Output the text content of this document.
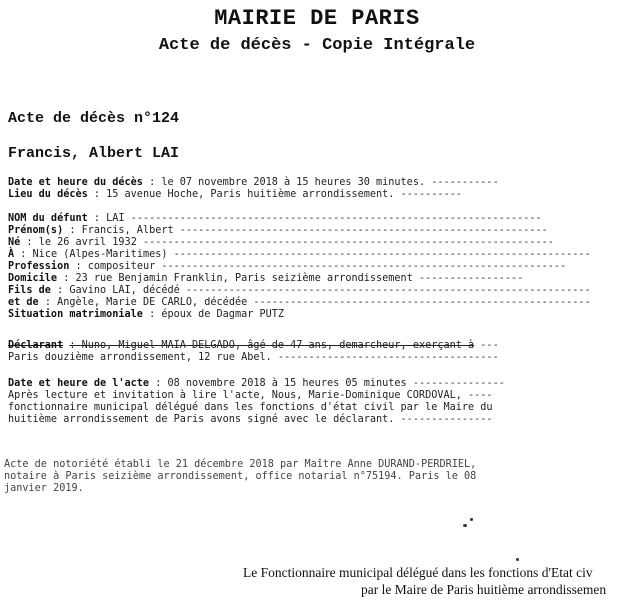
MAIRIE DE PARIS
Acte de décès - Copie Intégrale
Acte de décès n°124
Francis, Albert LAI
Date et heure du décès : le 07 novembre 2018 à 15 heures 30 minutes. -----------
Lieu du décès : 15 avenue Hoche, Paris huitième arrondissement. ----------
NOM du défunt : LAI -------------------------------------------------------------------
Prénom(s) : Francis, Albert ------------------------------------------------------------
Né : le 26 avril 1932 -------------------------------------------------------------------
À : Nice (Alpes-Maritimes) --------------------------------------------------------------------
Profession : compositeur ------------------------------------------------------------------
Domicile : 23 rue Benjamin Franklin, Paris seizième arrondissement -----------------
Fils de : Gavino LAI, décédé ------------------------------------------------------------------
et de : Angèle, Marie DE CARLO, décédée -------------------------------------------------------
Situation matrimoniale : époux de Dagmar PUTZ
Déclarant : Nuno, Miguel MAIA DELGADO, âgé de 47 ans, demarcheur, exerçant à ---
Paris douzième arrondissement, 12 rue Abel. ------------------------------------
Date et heure de l'acte : 08 novembre 2018 à 15 heures 05 minutes ---------------
Après lecture et invitation à lire l'acte, Nous, Marie-Dominique CORDOVAL, ----
fonctionnaire municipal délégué dans les fonctions d'état civil par le Maire du
huitième arrondissement de Paris avons signé avec le déclarant. ---------------
Acte de notoriété établi le 21 décembre 2018 par Maître Anne DURAND-PERDRIEL,
notaire à Paris seizième arrondissement, office notarial n°75194. Paris le 08
janvier 2019.
Le Fonctionnaire municipal délégué dans les fonctions d'Etat civ
par le Maire de Paris huitième arrondissemen
